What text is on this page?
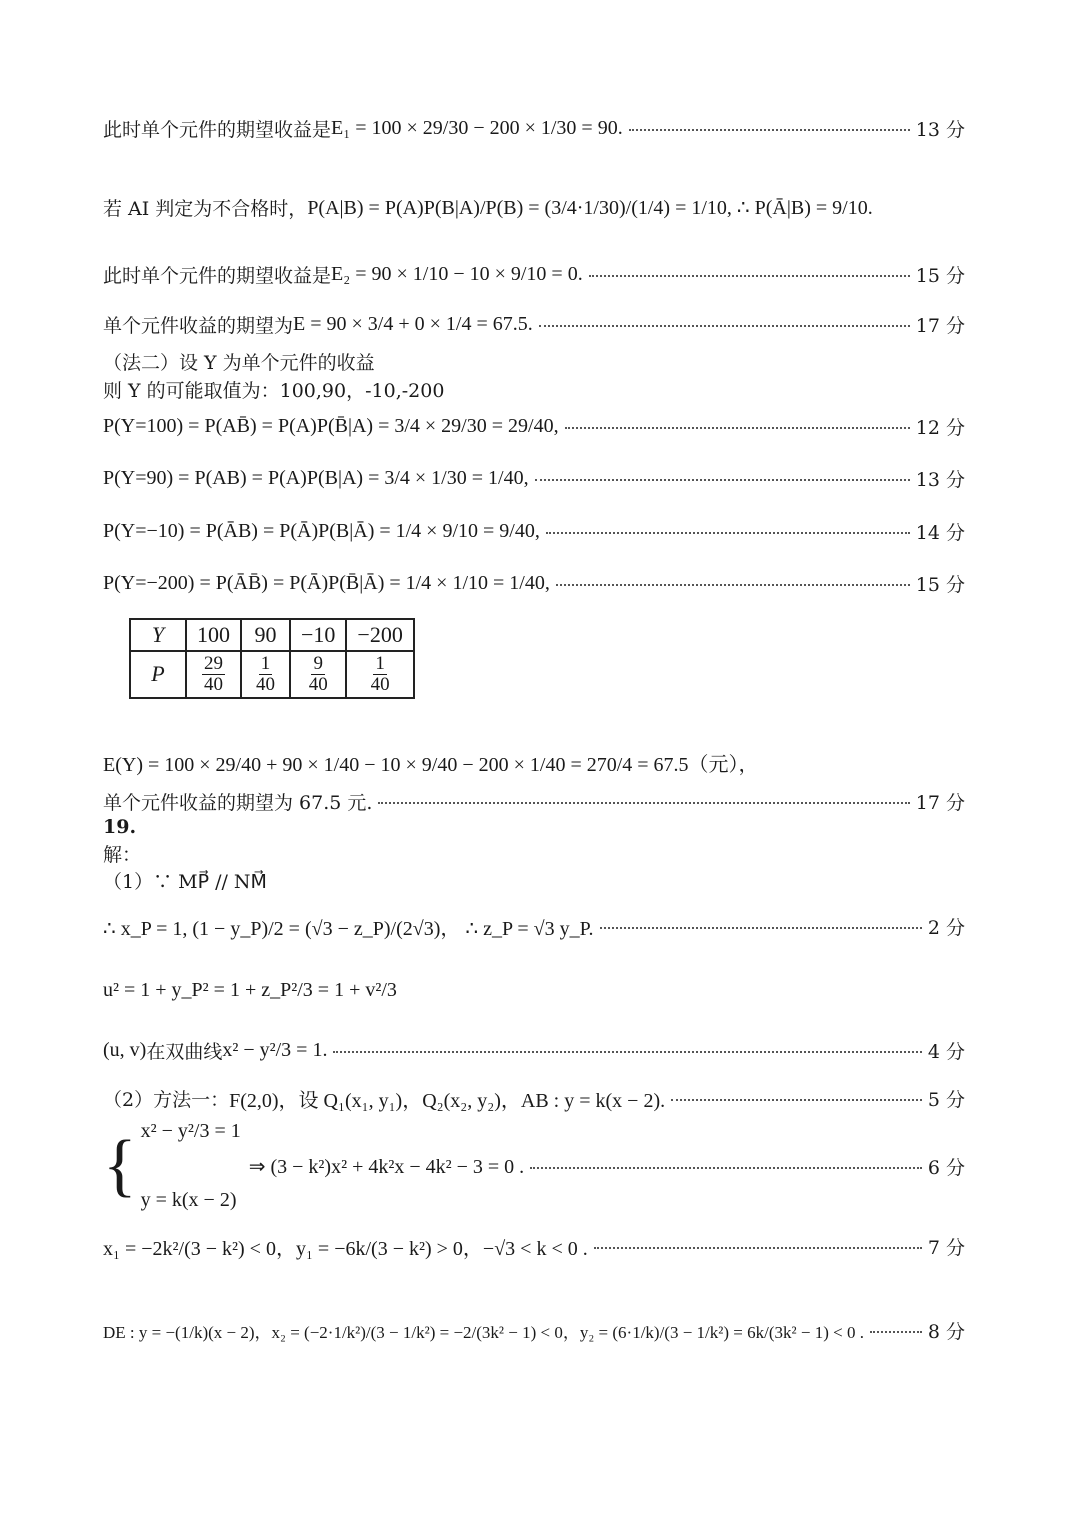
此时单个元件的期望收益是 E₁ = 100 × 29/30 − 200 × 1/30 = 90.	13 分
若 AI 判定为不合格时， P(A|B) = P(A)P(B|A)/P(B) = (3/4·1/30)/(1/4) = 1/10, ∴ P(Ā|B) = 9/10.
此时单个元件的期望收益是 E₂ = 90 × 1/10 − 10 × 9/10 = 0.	15 分
单个元件收益的期望为 E = 90 × 3/4 + 0 × 1/4 = 67.5.	17 分
（法二）设 Y 为单个元件的收益
则 Y 的可能取值为：100,90，-10,-200
P(Y=100) = P(AB̄) = P(A)P(B̄|A) = 3/4 × 29/30 = 29/40,	12 分
P(Y=90) = P(AB) = P(A)P(B|A) = 3/4 × 1/30 = 1/40,	13 分
P(Y=−10) = P(ĀB) = P(Ā)P(B|Ā) = 1/4 × 9/10 = 9/40,	14 分
P(Y=−200) = P(ĀB̄) = P(Ā)P(B̄|Ā) = 1/4 × 1/10 = 1/40,	15 分
Y	100	90	−10	−200
P	$\frac{29}{40}$	$\frac{1}{40}$	$\frac{9}{40}$	$\frac{1}{40}$
E(Y) = 100 × 29/40 + 90 × 1/40 − 10 × 9/40 − 200 × 1/40 = 270/4 = 67.5（元），
单个元件收益的期望为 67.5 元.	17 分
19.
解：
（1）∵ MP⃗ // NM⃗
∴ x_P = 1, (1 − y_P)/2 = (√3 − z_P)/(2√3)， ∴ z_P = √3 y_P.	2 分
u² = 1 + y_P² = 1 + z_P²/3 = 1 + v²/3
(u, v) 在双曲线 x² − y²/3 = 1.	4 分
（2）方法一： F(2,0)，设 Q₁(x₁, y₁)，Q₂(x₂, y₂)，AB : y = k(x − 2).	5 分
{ x² − y²/3 = 1
y = k(x − 2)
⇒ (3 − k²)x² + 4k²x − 4k² − 3 = 0 .	6 分
x₁ = −2k²/(3 − k²) < 0，y₁ = −6k/(3 − k²) > 0，−√3 < k < 0 .	7 分
DE : y = −(1/k)(x − 2)，x₂ = (−2·1/k²)/(3 − 1/k²) = −2/(3k² − 1) < 0，y₂ = (6·1/k)/(3 − 1/k²) = 6k/(3k² − 1) < 0 .	8 分
